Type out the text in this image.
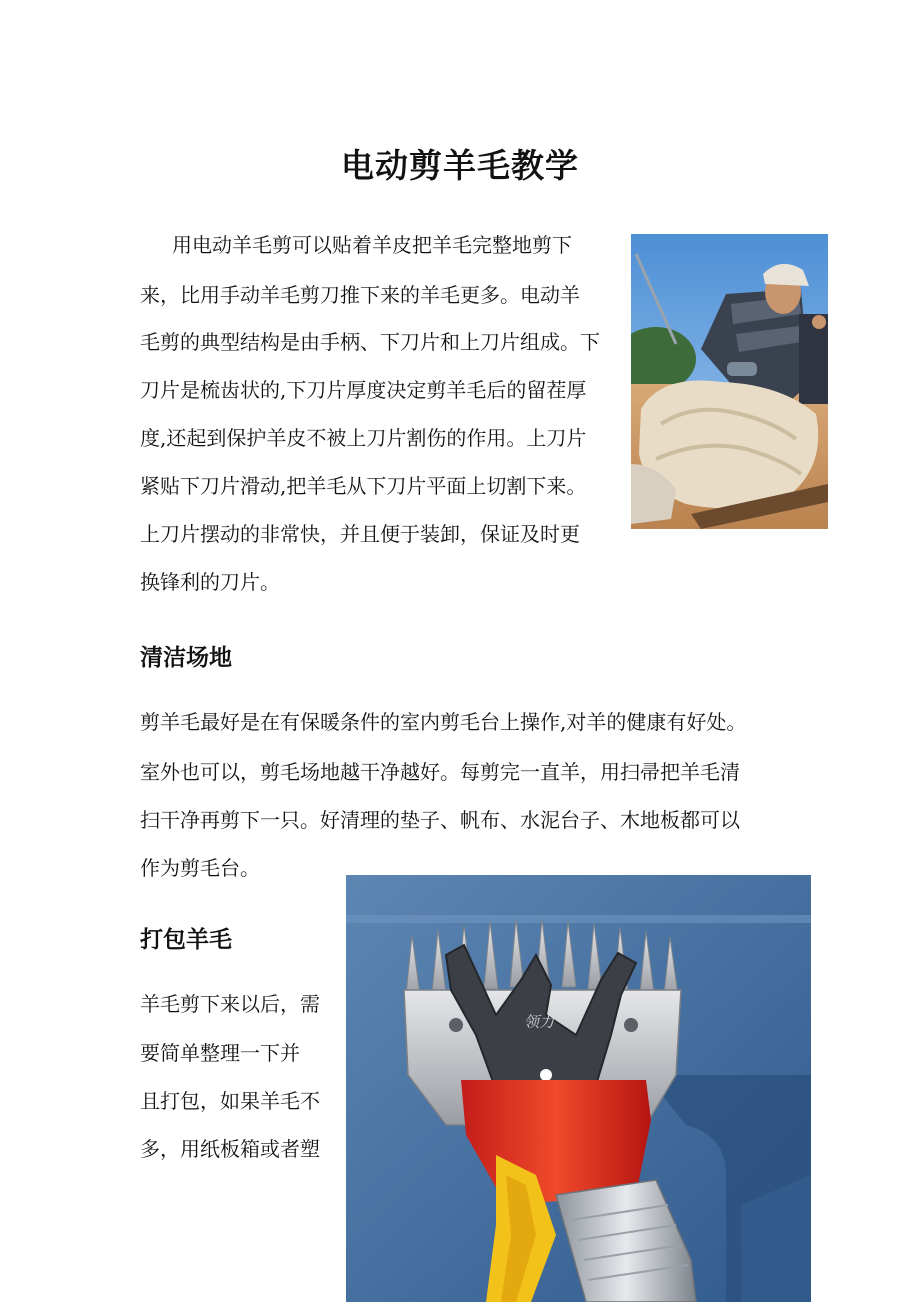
电动剪羊毛教学
用电动羊毛剪可以贴着羊皮把羊毛完整地剪下
来，比用手动羊毛剪刀推下来的羊毛更多。电动羊
毛剪的典型结构是由手柄、下刀片和上刀片组成。下
刀片是梳齿状的,下刀片厚度决定剪羊毛后的留茬厚
度,还起到保护羊皮不被上刀片割伤的作用。上刀片
紧贴下刀片滑动,把羊毛从下刀片平面上切割下来。
上刀片摆动的非常快，并且便于装卸，保证及时更
换锋利的刀片。
清洁场地
剪羊毛最好是在有保暖条件的室内剪毛台上操作,对羊的健康有好处。
室外也可以，剪毛场地越干净越好。每剪完一直羊，用扫帚把羊毛清
扫干净再剪下一只。好清理的垫子、帆布、水泥台子、木地板都可以
作为剪毛台。
打包羊毛
羊毛剪下来以后，需
要简单整理一下并
且打包，如果羊毛不
多，用纸板箱或者塑
领力
